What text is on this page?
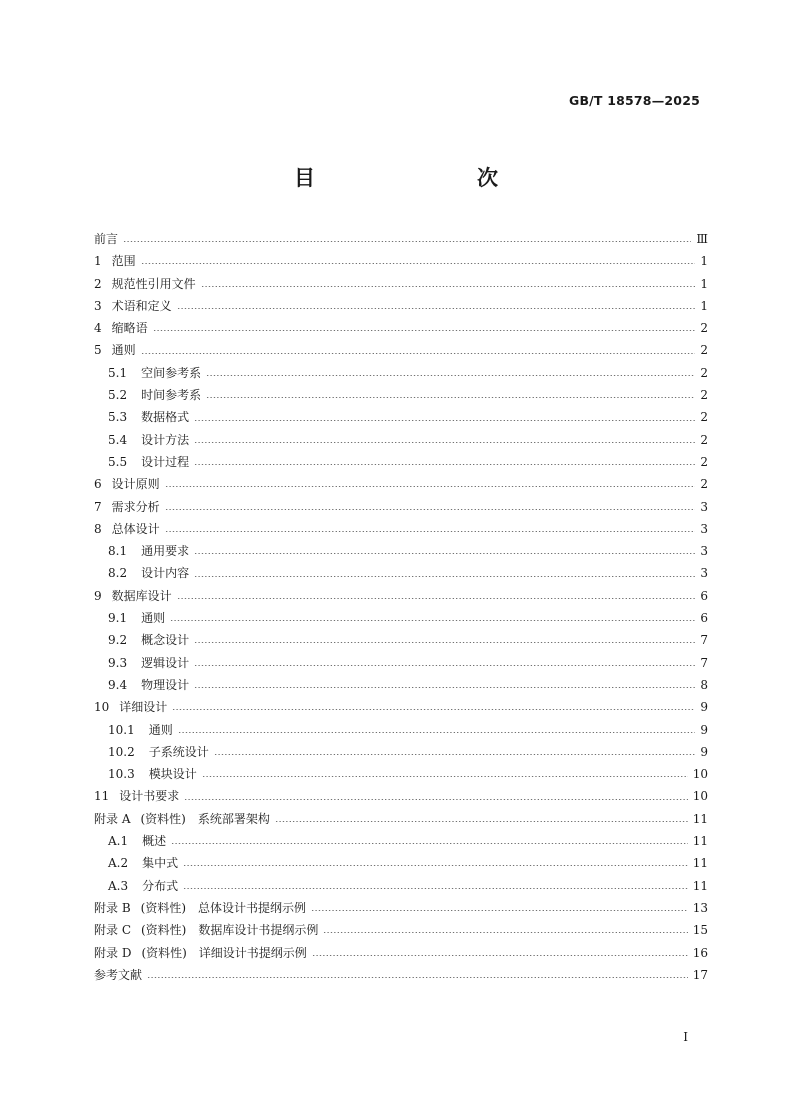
GB/T 18578—2025
目　　次
前言	Ⅲ
1 范围	1
2 规范性引用文件	1
3 术语和定义	1
4 缩略语	2
5 通则	2
5.1 空间参考系	2
5.2 时间参考系	2
5.3 数据格式	2
5.4 设计方法	2
5.5 设计过程	2
6 设计原则	2
7 需求分析	3
8 总体设计	3
8.1 通用要求	3
8.2 设计内容	3
9 数据库设计	6
9.1 通则	6
9.2 概念设计	7
9.3 逻辑设计	7
9.4 物理设计	8
10 详细设计	9
10.1 通则	9
10.2 子系统设计	9
10.3 模块设计	10
11 设计书要求	10
附录 A (资料性)　系统部署架构	11
A.1 概述	11
A.2 集中式	11
A.3 分布式	11
附录 B (资料性)　总体设计书提纲示例	13
附录 C (资料性)　数据库设计书提纲示例	15
附录 D (资料性)　详细设计书提纲示例	16
参考文献	17
I
